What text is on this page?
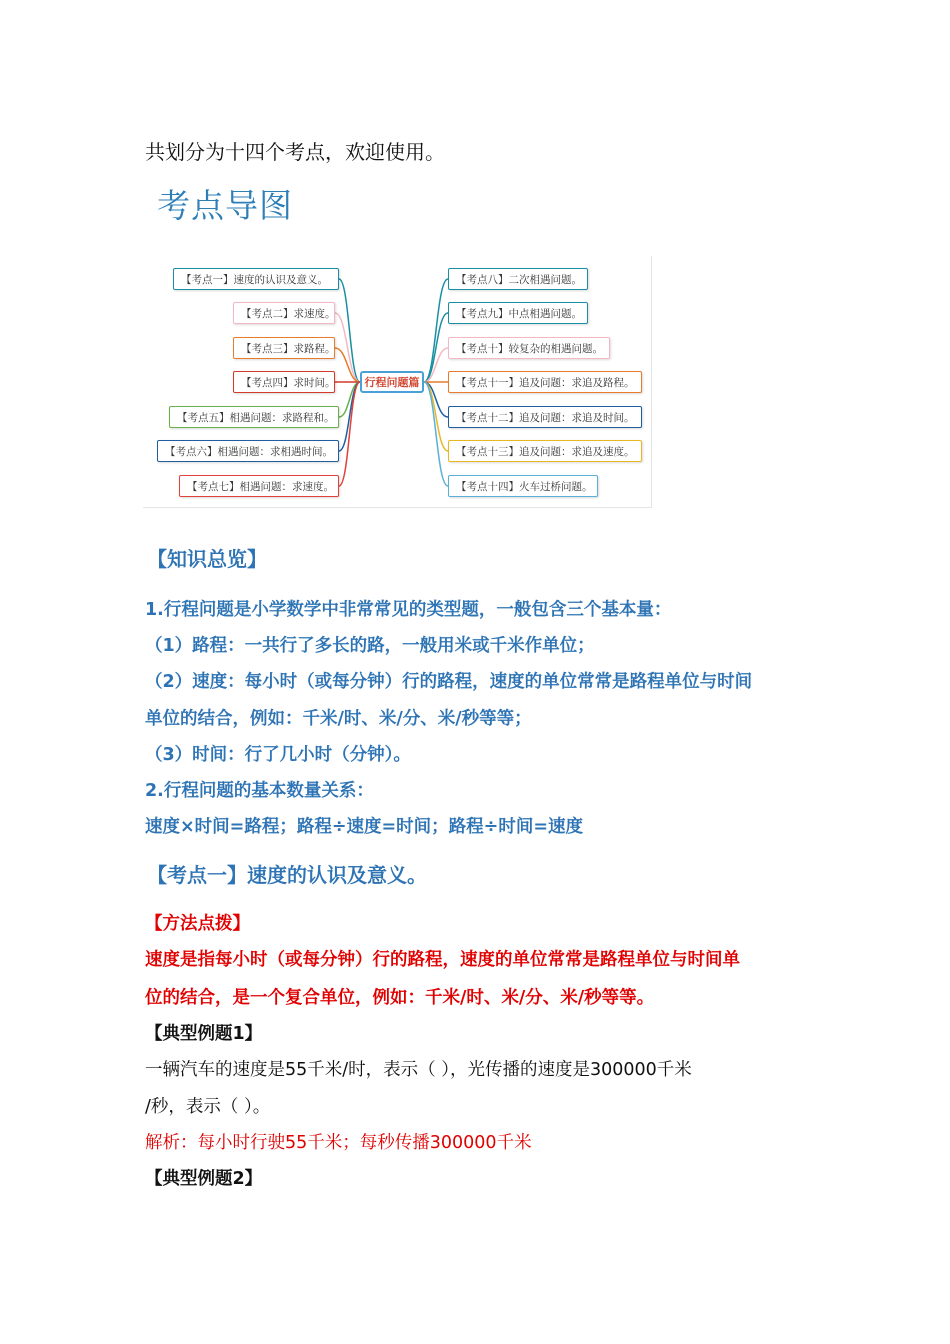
共划分为十四个考点，欢迎使用。
考点导图
行程问题篇
【考点一】速度的认识及意义。
【考点二】求速度。
【考点三】求路程。
【考点四】求时间。
【考点五】相遇问题：求路程和。
【考点六】相遇问题：求相遇时间。
【考点七】相遇问题：求速度。
【考点八】二次相遇问题。
【考点九】中点相遇问题。
【考点十】较复杂的相遇问题。
【考点十一】追及问题：求追及路程。
【考点十二】追及问题：求追及时间。
【考点十三】追及问题：求追及速度。
【考点十四】火车过桥问题。
【知识总览】
1.行程问题是小学数学中非常常见的类型题，一般包含三个基本量：
（1）路程：一共行了多长的路，一般用米或千米作单位；
（2）速度：每小时（或每分钟）行的路程，速度的单位常常是路程单位与时间
单位的结合，例如：千米/时、米/分、米/秒等等；
（3）时间：行了几小时（分钟）。
2.行程问题的基本数量关系：
速度×时间=路程；路程÷速度=时间；路程÷时间=速度
【考点一】速度的认识及意义。
【方法点拨】
速度是指每小时（或每分钟）行的路程，速度的单位常常是路程单位与时间单
位的结合，是一个复合单位，例如：千米/时、米/分、米/秒等等。
【典型例题1】
一辆汽车的速度是55千米/时，表示（ ），光传播的速度是300000千米
/秒，表示（ ）。
解析：每小时行驶55千米；每秒传播300000千米
【典型例题2】
